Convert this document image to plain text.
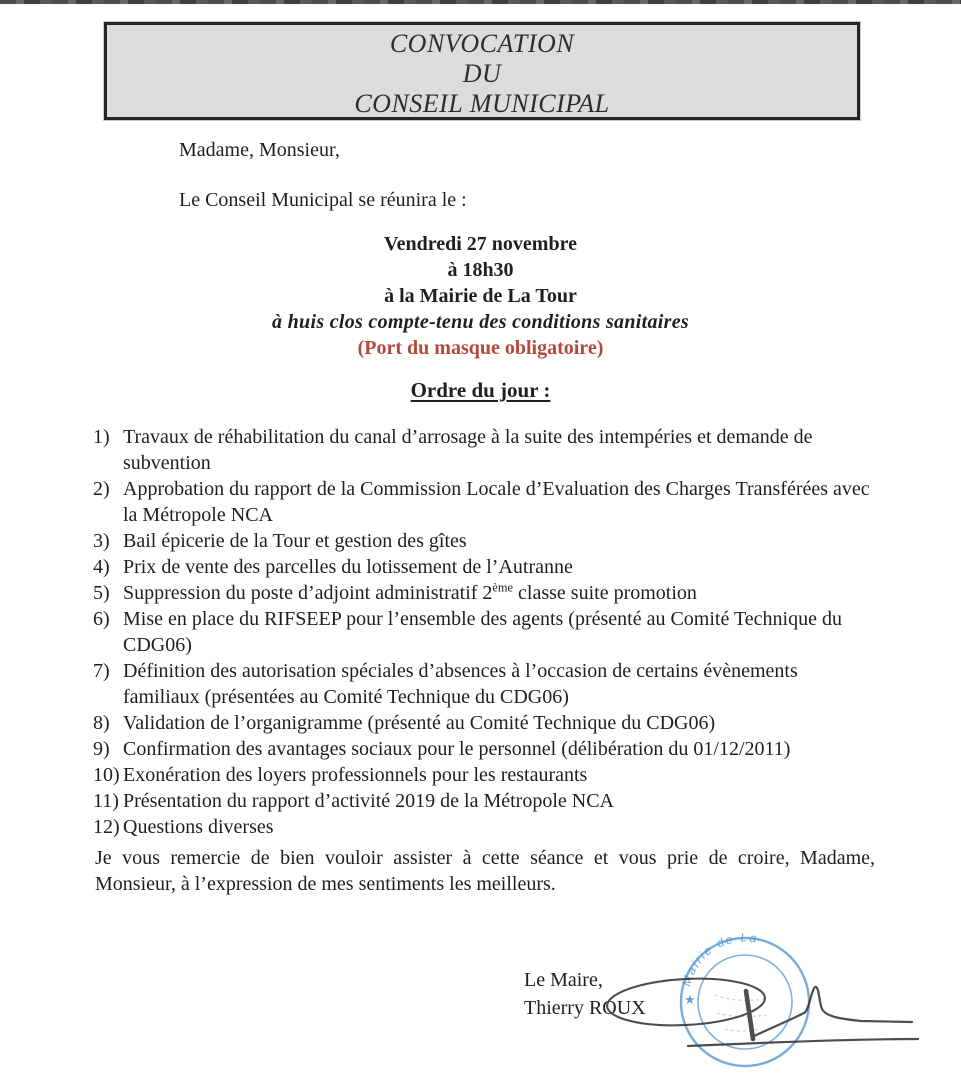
CONVOCATION
DU
CONSEIL MUNICIPAL
Madame, Monsieur,
Le Conseil Municipal se réunira le :
Vendredi 27 novembre
à 18h30
à la Mairie de La Tour
à huis clos compte-tenu des conditions sanitaires
(Port du masque obligatoire)
Ordre du jour :
1) Travaux de réhabilitation du canal d’arrosage à la suite des intempéries et demande de subvention
2) Approbation du rapport de la Commission Locale d’Evaluation des Charges Transférées avec la Métropole NCA
3) Bail épicerie de la Tour et gestion des gîtes
4) Prix de vente des parcelles du lotissement de l’Autranne
5) Suppression du poste d’adjoint administratif 2ème classe suite promotion
6) Mise en place du RIFSEEP pour l’ensemble des agents (présenté au Comité Technique du CDG06)
7) Définition des autorisation spéciales d’absences à l’occasion de certains évènements familiaux (présentées au Comité Technique du CDG06)
8) Validation de l’organigramme (présenté au Comité Technique du CDG06)
9) Confirmation des avantages sociaux pour le personnel (délibération du 01/12/2011)
10) Exonération des loyers professionnels pour les restaurants
11) Présentation du rapport d’activité 2019 de la Métropole NCA
12) Questions diverses
Je vous remercie de bien vouloir assister à cette séance et vous prie de croire, Madame, Monsieur, à l’expression de mes sentiments les meilleurs.
Le Maire,
Thierry ROUX
Mairie de La
★
